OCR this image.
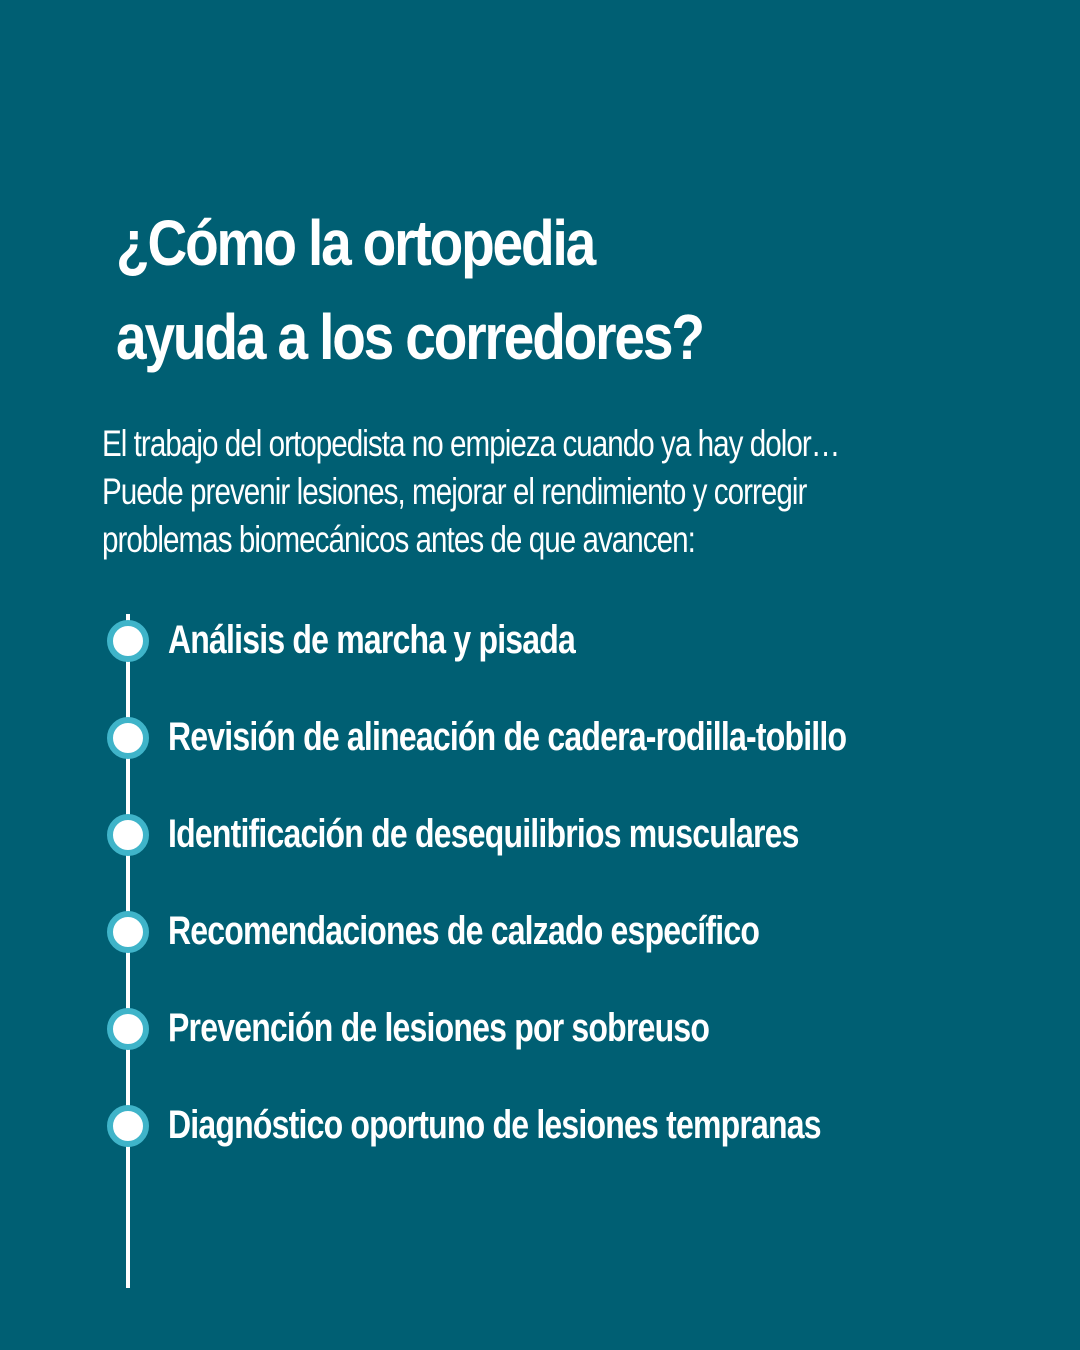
¿Cómo la ortopedia
ayuda a los corredores?

El trabajo del ortopedista no empieza cuando ya hay dolor…
Puede prevenir lesiones, mejorar el rendimiento y corregir
problemas biomecánicos antes de que avancen:

Análisis de marcha y pisada
Revisión de alineación de cadera-rodilla-tobillo
Identificación de desequilibrios musculares
Recomendaciones de calzado específico
Prevención de lesiones por sobreuso
Diagnóstico oportuno de lesiones tempranas
